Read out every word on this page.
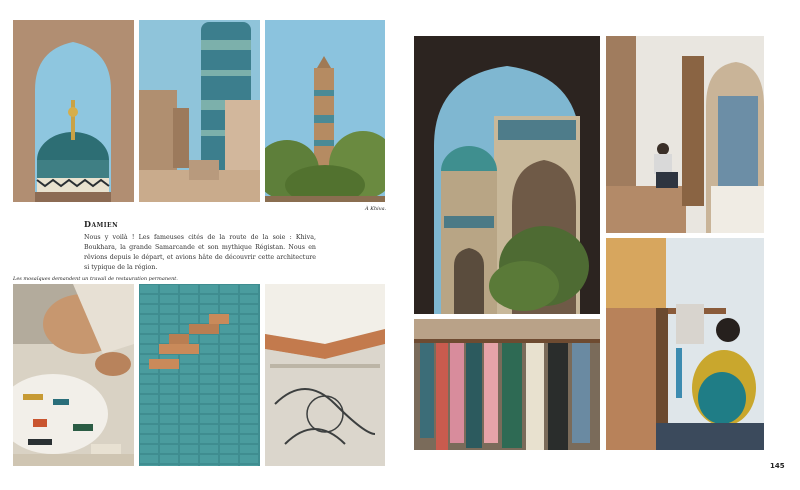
À Khiva.
Damien
Nous y voilà ! Les fameuses cités de la route de la soie : Khiva, Boukhara, la grande Samarcande et son mythique Régistan. Nous en rêvions depuis le départ, et avions hâte de découvrir cette architecture si typique de la région.
Les mosaïques demandent un travail de restauration permanent.
145
